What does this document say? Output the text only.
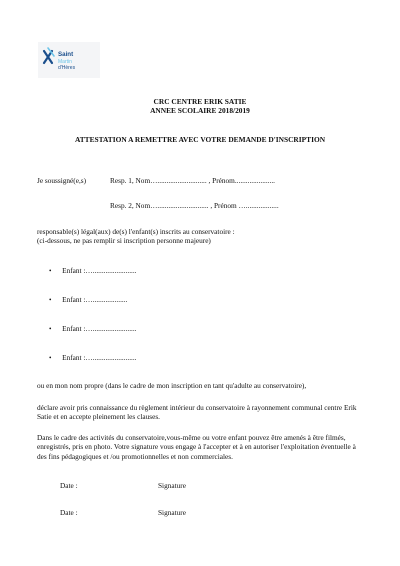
Saint
Martin
d'Hères
CRC CENTRE ERIK SATIE
ANNEE SCOLAIRE 2018/2019
ATTESTATION A REMETTRE AVEC VOTRE DEMANDE D'INSCRIPTION
Je soussigné(e,s)	Resp. 1, Nom…........................... , Prénom......................
Resp. 2, Nom…............................ , Prénom …..................
responsable(s) légal(aux) de(s) l'enfant(s) inscrits au conservatoire :
(ci-dessous, ne pas remplir si inscription personne majeure)
• Enfant :…........................
• Enfant :…...................
• Enfant :…........................
• Enfant :…........................
ou en mon nom propre (dans le cadre de mon inscription en tant qu'adulte au conservatoire),
déclare avoir pris connaissance du règlement intérieur du conservatoire à rayonnement communal centre Erik Satie et en accepte pleinement les clauses.
Dans le cadre des activités du conservatoire,vous-même ou votre enfant pouvez être amenés à être filmés, enregistrés, pris en photo. Votre signature vous engage à l'accepter et à en autoriser l'exploitation éventuelle à des fins pédagogiques et /ou promotionnelles et non commerciales.
Date :	Signature
Date :	Signature
